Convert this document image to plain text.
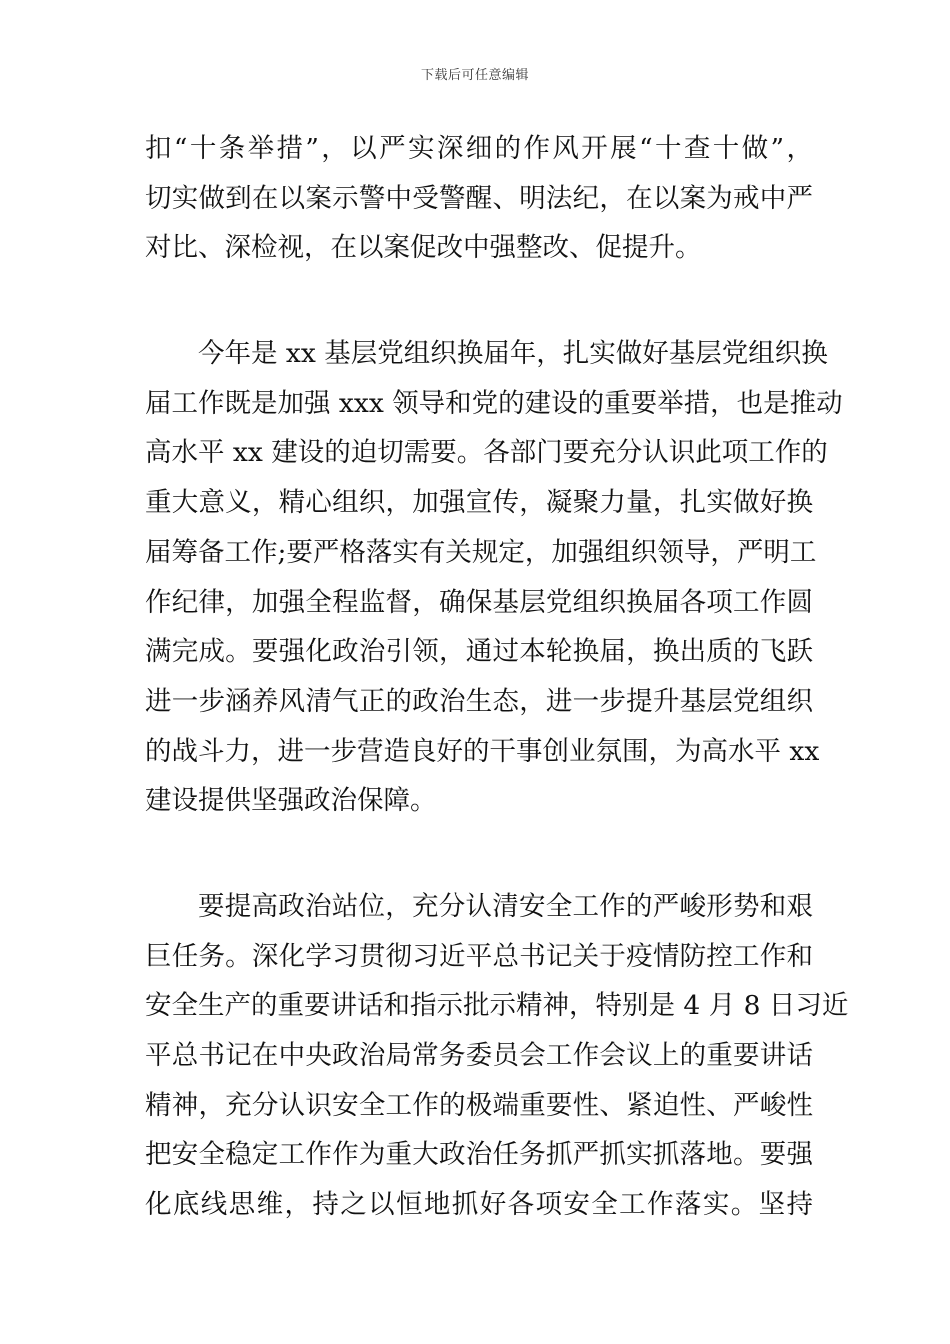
下载后可任意编辑
扣“十条举措”，以严实深细的作风开展“十查十做”，
切实做到在以案示警中受警醒、明法纪，在以案为戒中严
对比、深检视，在以案促改中强整改、促提升。
今年是 xx 基层党组织换届年，扎实做好基层党组织换
届工作既是加强 xxx 领导和党的建设的重要举措，也是推动
高水平 xx 建设的迫切需要。各部门要充分认识此项工作的
重大意义，精心组织，加强宣传，凝聚力量，扎实做好换
届筹备工作;要严格落实有关规定，加强组织领导，严明工
作纪律，加强全程监督，确保基层党组织换届各项工作圆
满完成。要强化政治引领，通过本轮换届，换出质的飞跃
进一步涵养风清气正的政治生态，进一步提升基层党组织
的战斗力，进一步营造良好的干事创业氛围，为高水平 xx
建设提供坚强政治保障。
要提高政治站位，充分认清安全工作的严峻形势和艰
巨任务。深化学习贯彻习近平总书记关于疫情防控工作和
安全生产的重要讲话和指示批示精神，特别是 4 月 8 日习近
平总书记在中央政治局常务委员会工作会议上的重要讲话
精神，充分认识安全工作的极端重要性、紧迫性、严峻性
把安全稳定工作作为重大政治任务抓严抓实抓落地。要强
化底线思维，持之以恒地抓好各项安全工作落实。坚持
